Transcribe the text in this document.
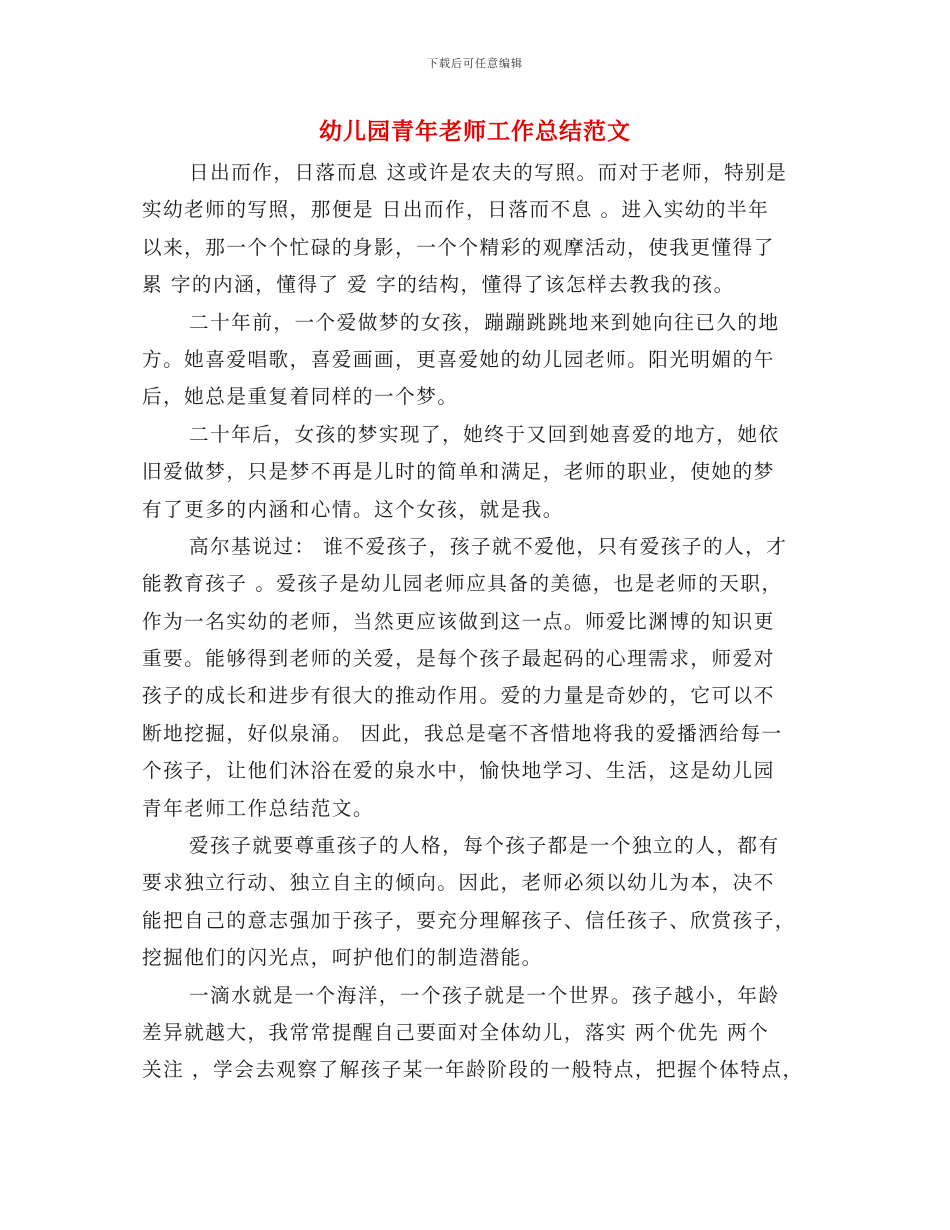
下载后可任意编辑
幼儿园青年老师工作总结范文
日出而作，日落而息 这或许是农夫的写照。而对于老师，特别是
实幼老师的写照，那便是 日出而作，日落而不息 。进入实幼的半年
以来，那一个个忙碌的身影，一个个精彩的观摩活动，使我更懂得了
累 字的内涵，懂得了 爱 字的结构，懂得了该怎样去教我的孩。
二十年前，一个爱做梦的女孩，蹦蹦跳跳地来到她向往已久的地
方。她喜爱唱歌，喜爱画画，更喜爱她的幼儿园老师。阳光明媚的午
后，她总是重复着同样的一个梦。
二十年后，女孩的梦实现了，她终于又回到她喜爱的地方，她依
旧爱做梦，只是梦不再是儿时的简单和满足，老师的职业，使她的梦
有了更多的内涵和心情。这个女孩，就是我。
高尔基说过： 谁不爱孩子，孩子就不爱他，只有爱孩子的人，才
能教育孩子 。爱孩子是幼儿园老师应具备的美德，也是老师的天职，
作为一名实幼的老师，当然更应该做到这一点。师爱比渊博的知识更
重要。能够得到老师的关爱，是每个孩子最起码的心理需求，师爱对
孩子的成长和进步有很大的推动作用。爱的力量是奇妙的，它可以不
断地挖掘，好似泉涌。 因此，我总是毫不吝惜地将我的爱播洒给每一
个孩子，让他们沐浴在爱的泉水中，愉快地学习、生活，这是幼儿园
青年老师工作总结范文。
爱孩子就要尊重孩子的人格，每个孩子都是一个独立的人，都有
要求独立行动、独立自主的倾向。因此，老师必须以幼儿为本，决不
能把自己的意志强加于孩子，要充分理解孩子、信任孩子、欣赏孩子，
挖掘他们的闪光点，呵护他们的制造潜能。
一滴水就是一个海洋，一个孩子就是一个世界。孩子越小，年龄
差异就越大，我常常提醒自己要面对全体幼儿，落实 两个优先 两个
关注 ，学会去观察了解孩子某一年龄阶段的一般特点，把握个体特点，
